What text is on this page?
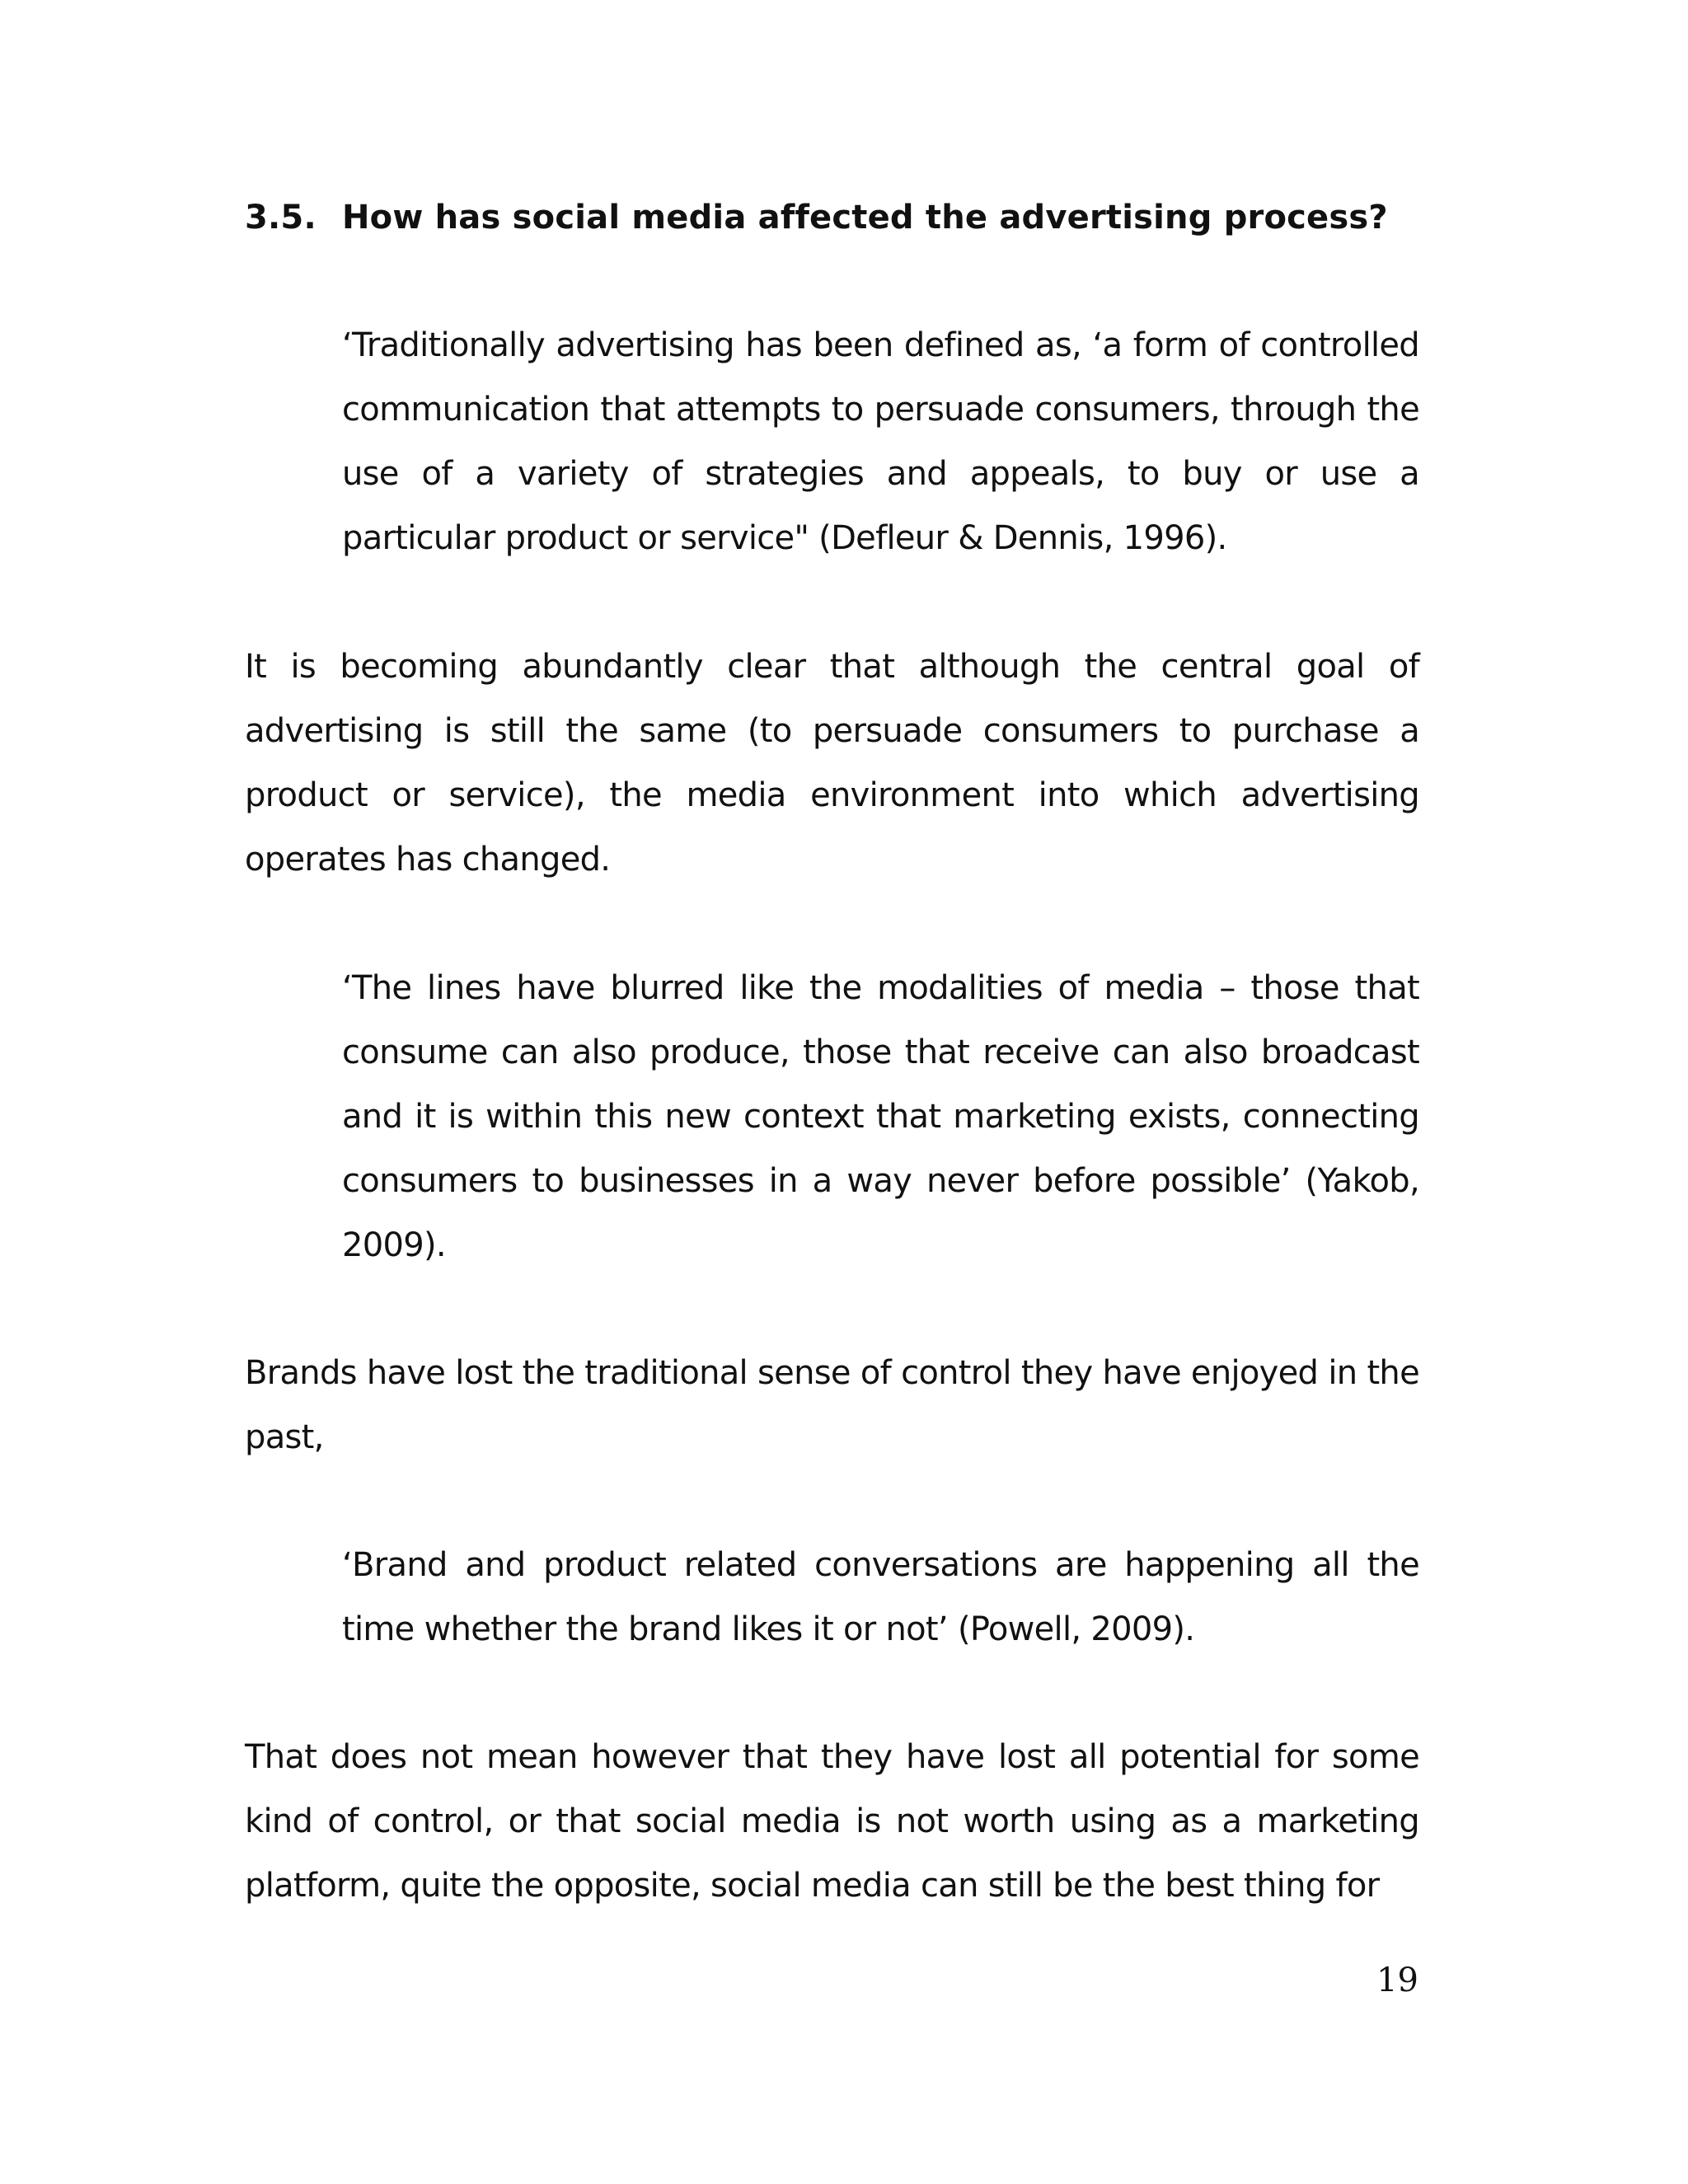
3.5. How has social media affected the advertising process?
‘Traditionally advertising has been defined as, ‘a form of controlled communication that attempts to persuade consumers, through the use of a variety of strategies and appeals, to buy or use a particular product or service" (Defleur & Dennis, 1996).
It is becoming abundantly clear that although the central goal of advertising is still the same (to persuade consumers to purchase a product or service), the media environment into which advertising operates has changed.
‘The lines have blurred like the modalities of media – those that consume can also produce, those that receive can also broadcast and it is within this new context that marketing exists, connecting consumers to businesses in a way never before possible’ (Yakob, 2009).
Brands have lost the traditional sense of control they have enjoyed in the past,
‘Brand and product related conversations are happening all the time whether the brand likes it or not’ (Powell, 2009).
That does not mean however that they have lost all potential for some kind of control, or that social media is not worth using as a marketing platform, quite the opposite, social media can still be the best thing for
19
